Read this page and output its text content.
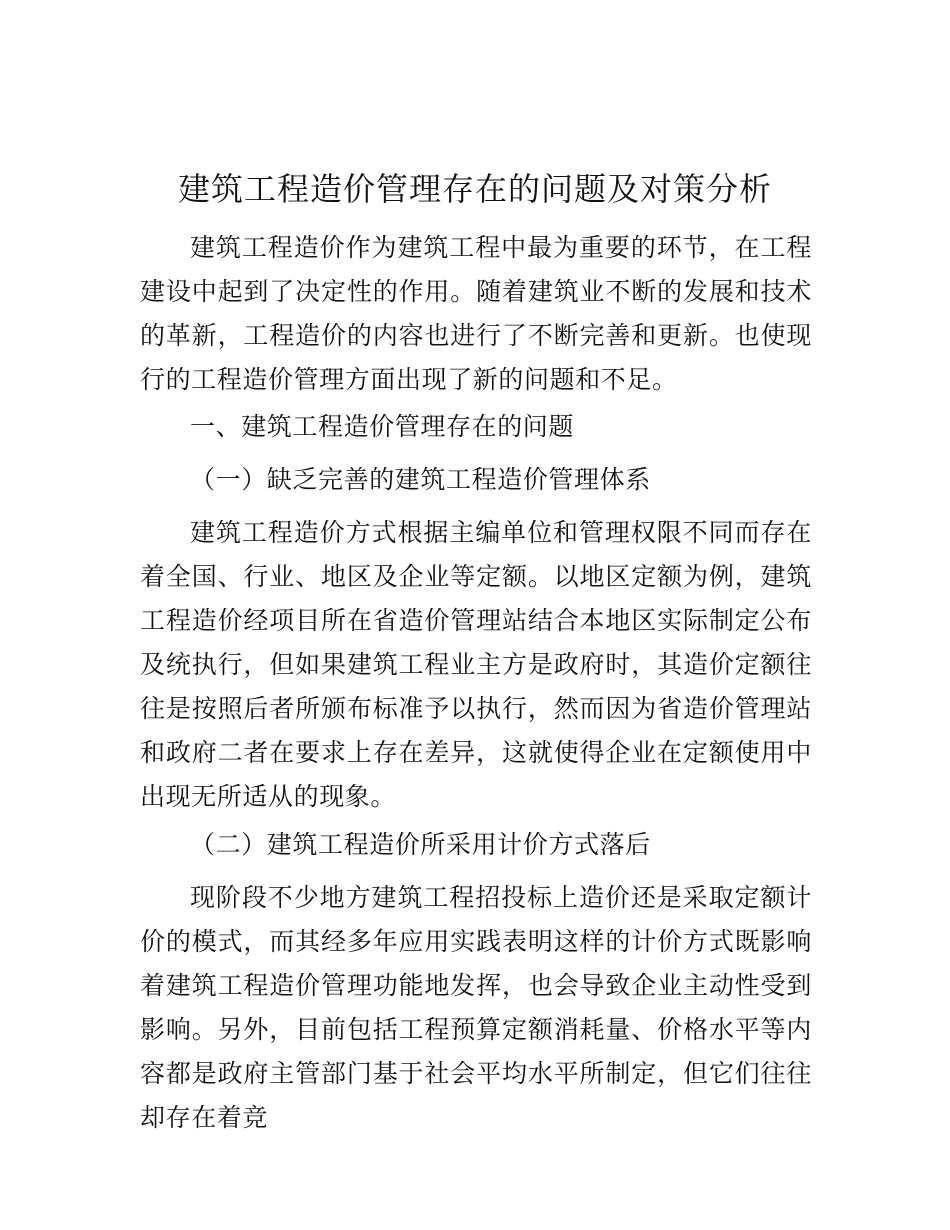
建筑工程造价管理存在的问题及对策分析

建筑工程造价作为建筑工程中最为重要的环节，在工程建设中起到了决定性的作用。随着建筑业不断的发展和技术的革新，工程造价的内容也进行了不断完善和更新。也使现行的工程造价管理方面出现了新的问题和不足。

一、建筑工程造价管理存在的问题

（一）缺乏完善的建筑工程造价管理体系

建筑工程造价方式根据主编单位和管理权限不同而存在着全国、行业、地区及企业等定额。以地区定额为例，建筑工程造价经项目所在省造价管理站结合本地区实际制定公布及统执行，但如果建筑工程业主方是政府时，其造价定额往往是按照后者所颁布标准予以执行，然而因为省造价管理站和政府二者在要求上存在差异，这就使得企业在定额使用中出现无所适从的现象。

（二）建筑工程造价所采用计价方式落后

现阶段不少地方建筑工程招投标上造价还是采取定额计价的模式，而其经多年应用实践表明这样的计价方式既影响着建筑工程造价管理功能地发挥，也会导致企业主动性受到影响。另外，目前包括工程预算定额消耗量、价格水平等内容都是政府主管部门基于社会平均水平所制定，但它们往往却存在着竞
